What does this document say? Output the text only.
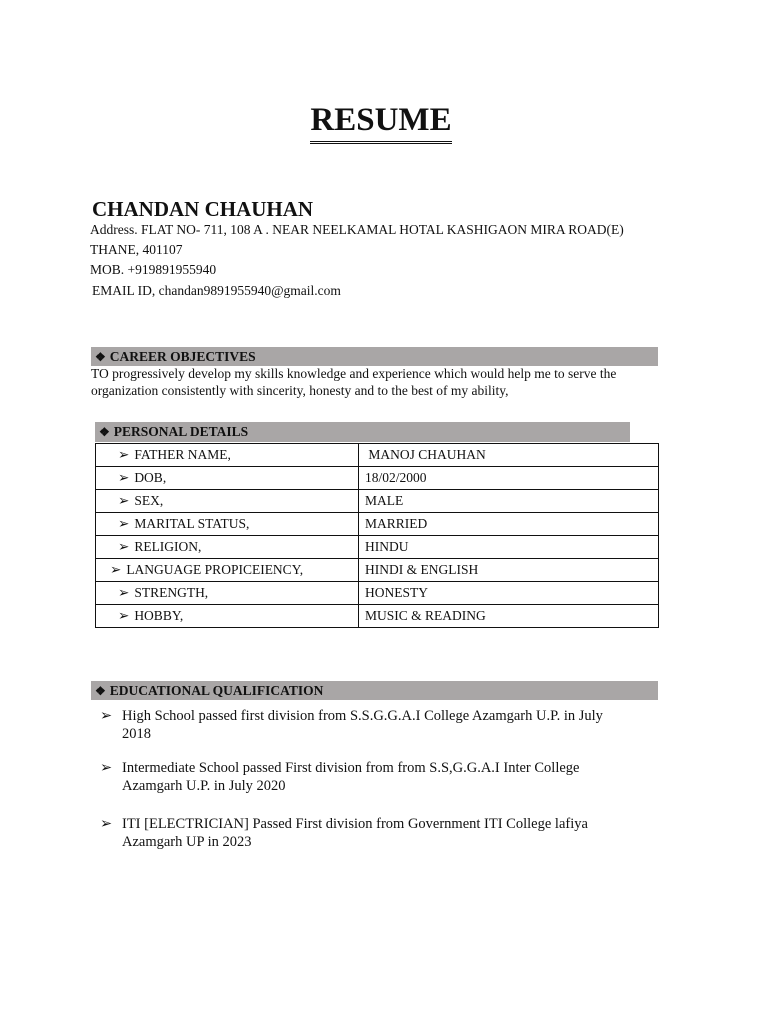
RESUME
CHANDAN CHAUHAN
Address. FLAT NO- 711, 108 A . NEAR NEELKAMAL HOTAL KASHIGAON MIRA ROAD(E)
THANE, 401107
MOB. +919891955940
EMAIL ID, chandan9891955940@gmail.com
❖ CAREER OBJECTIVES
TO progressively develop my skills knowledge and experience which would help me to serve the
organization consistently with sincerity, honesty and to the best of my ability,
❖ PERSONAL DETAILS
➢ FATHER NAME,	MANOJ CHAUHAN
➢ DOB,	18/02/2000
➢ SEX,	MALE
➢ MARITAL STATUS,	MARRIED
➢ RELIGION,	HINDU
➢ LANGUAGE PROPICEIENCY,	HINDI & ENGLISH
➢ STRENGTH,	HONESTY
➢ HOBBY,	MUSIC & READING
❖ EDUCATIONAL QUALIFICATION
➢ High School passed first division from S.S.G.G.A.I College Azamgarh U.P. in July
2018
➢ Intermediate School passed First division from from S.S,G.G.A.I Inter College
Azamgarh U.P. in July 2020
➢ ITI [ELECTRICIAN] Passed First division from Government ITI College lafiya
Azamgarh UP in 2023
